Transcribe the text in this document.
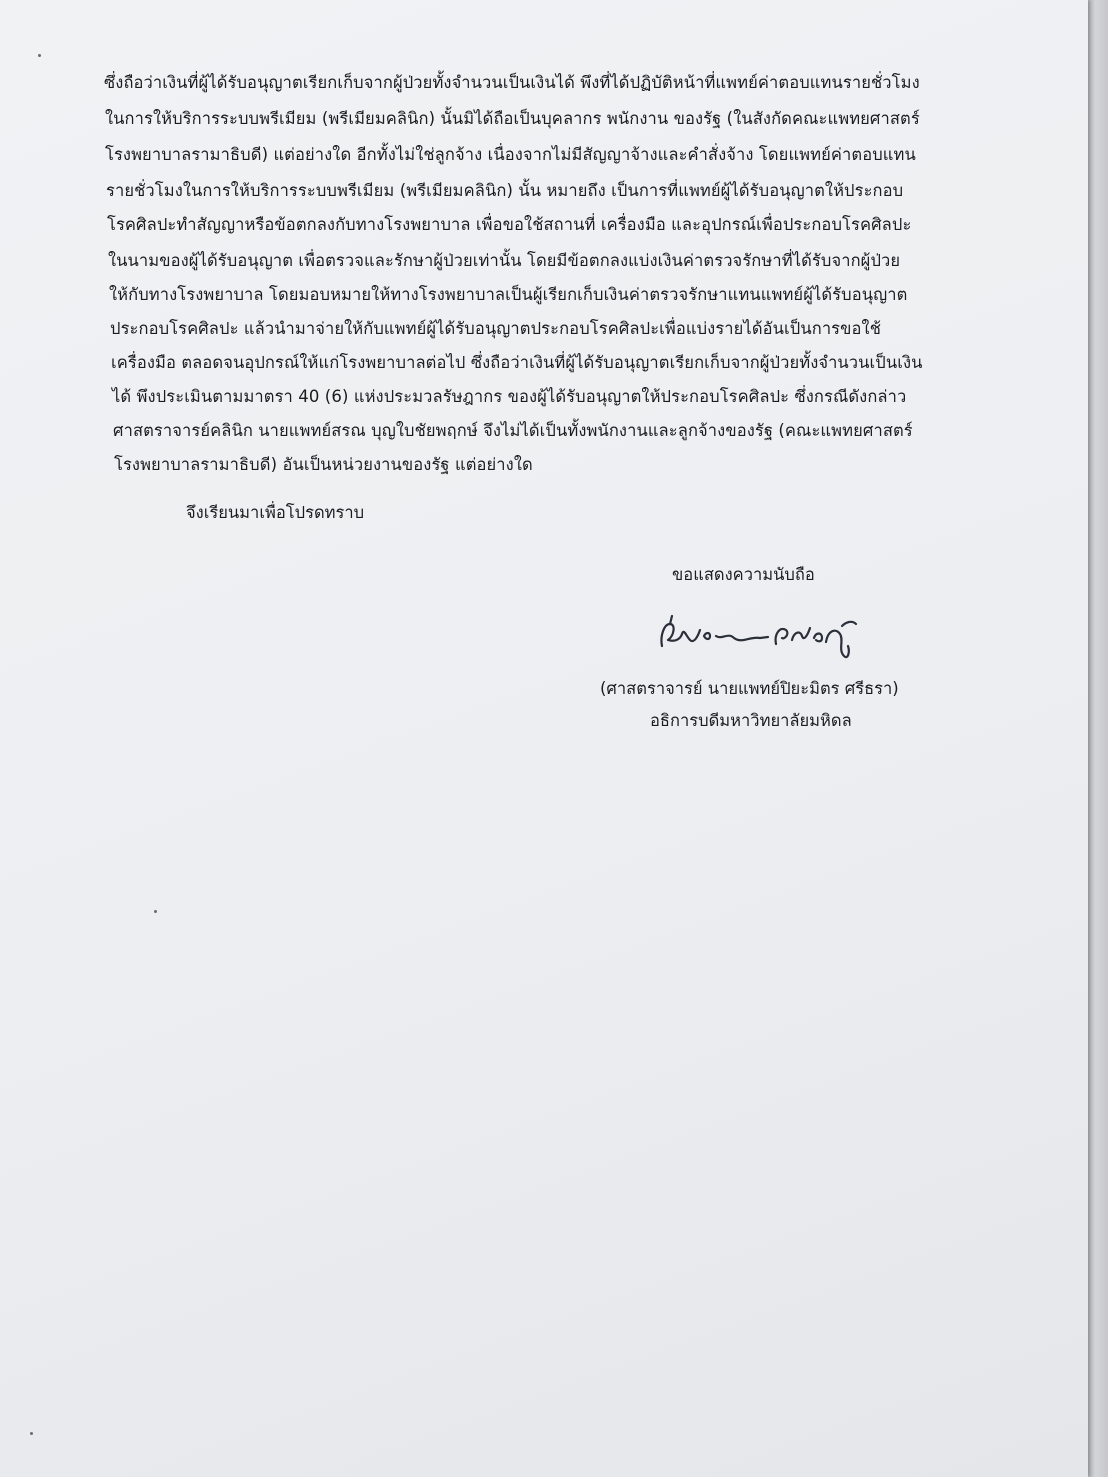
ซึ่งถือว่าเงินที่ผู้ได้รับอนุญาตเรียกเก็บจากผู้ป่วยทั้งจำนวนเป็นเงินได้ พึงที่ได้ปฏิบัติหน้าที่แพทย์ค่าตอบแทนรายชั่วโมง
ในการให้บริการระบบพรีเมียม (พรีเมียมคลินิก) นั้นมิได้ถือเป็นบุคลากร พนักงาน ของรัฐ (ในสังกัดคณะแพทยศาสตร์
โรงพยาบาลรามาธิบดี) แต่อย่างใด อีกทั้งไม่ใช่ลูกจ้าง เนื่องจากไม่มีสัญญาจ้างและคำสั่งจ้าง โดยแพทย์ค่าตอบแทน
รายชั่วโมงในการให้บริการระบบพรีเมียม (พรีเมียมคลินิก) นั้น หมายถึง เป็นการที่แพทย์ผู้ได้รับอนุญาตให้ประกอบ
โรคศิลปะทำสัญญาหรือข้อตกลงกับทางโรงพยาบาล เพื่อขอใช้สถานที่ เครื่องมือ และอุปกรณ์เพื่อประกอบโรคศิลปะ
ในนามของผู้ได้รับอนุญาต เพื่อตรวจและรักษาผู้ป่วยเท่านั้น โดยมีข้อตกลงแบ่งเงินค่าตรวจรักษาที่ได้รับจากผู้ป่วย
ให้กับทางโรงพยาบาล โดยมอบหมายให้ทางโรงพยาบาลเป็นผู้เรียกเก็บเงินค่าตรวจรักษาแทนแพทย์ผู้ได้รับอนุญาต
ประกอบโรคศิลปะ แล้วนำมาจ่ายให้กับแพทย์ผู้ได้รับอนุญาตประกอบโรคศิลปะเพื่อแบ่งรายได้อันเป็นการขอใช้
เครื่องมือ ตลอดจนอุปกรณ์ให้แก่โรงพยาบาลต่อไป ซึ่งถือว่าเงินที่ผู้ได้รับอนุญาตเรียกเก็บจากผู้ป่วยทั้งจำนวนเป็นเงิน
ได้ พึงประเมินตามมาตรา 40 (6) แห่งประมวลรัษฎากร ของผู้ได้รับอนุญาตให้ประกอบโรคศิลปะ ซึ่งกรณีดังกล่าว
ศาสตราจารย์คลินิก นายแพทย์สรณ บุญใบชัยพฤกษ์ จึงไม่ได้เป็นทั้งพนักงานและลูกจ้างของรัฐ (คณะแพทยศาสตร์
โรงพยาบาลรามาธิบดี) อันเป็นหน่วยงานของรัฐ แต่อย่างใด
จึงเรียนมาเพื่อโปรดทราบ
ขอแสดงความนับถือ
(ศาสตราจารย์ นายแพทย์ปิยะมิตร ศรีธรา)
อธิการบดีมหาวิทยาลัยมหิดล
